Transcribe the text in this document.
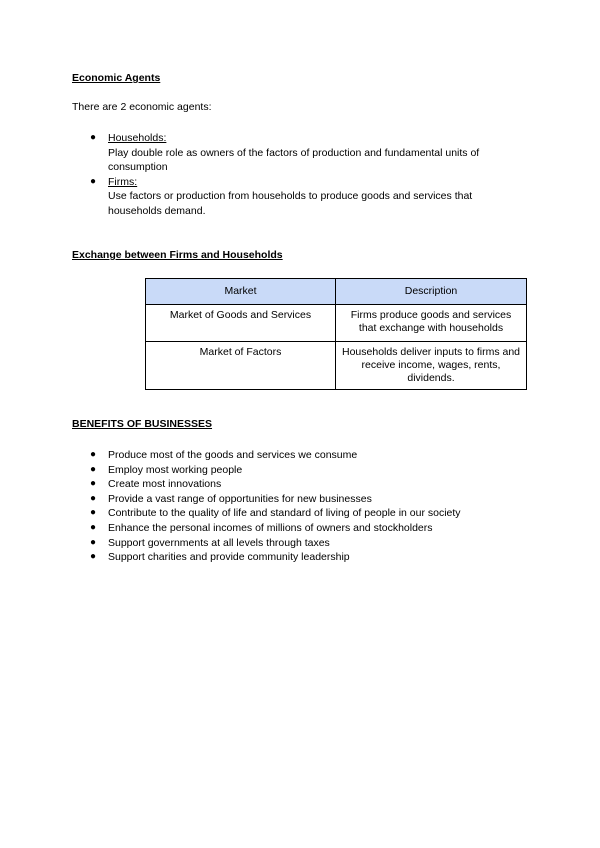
Economic Agents
There are 2 economic agents:
● Households:
Play double role as owners of the factors of production and fundamental units of consumption
● Firms:
Use factors or production from households to produce goods and services that households demand.
Exchange between Firms and Households
Market	Description
Market of Goods and Services	Firms produce goods and services that exchange with households
Market of Factors	Households deliver inputs to firms and receive income, wages, rents, dividends.
BENEFITS OF BUSINESSES
● Produce most of the goods and services we consume
● Employ most working people
● Create most innovations
● Provide a vast range of opportunities for new businesses
● Contribute to the quality of life and standard of living of people in our society
● Enhance the personal incomes of millions of owners and stockholders
● Support governments at all levels through taxes
● Support charities and provide community leadership
